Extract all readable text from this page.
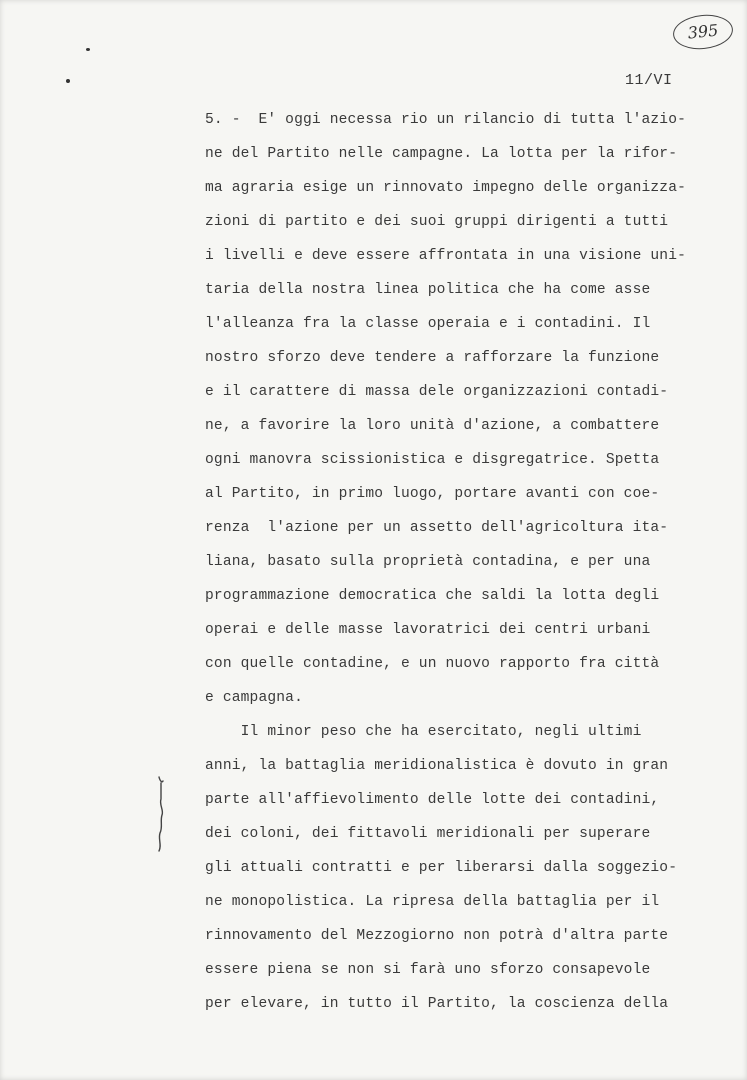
395
11/VI
5. -  E' oggi necessa rio un rilancio di tutta l'azio-
ne del Partito nelle campagne. La lotta per la rifor-
ma agraria esige un rinnovato impegno delle organizza-
zioni di partito e dei suoi gruppi dirigenti a tutti
i livelli e deve essere affrontata in una visione uni-
taria della nostra linea politica che ha come asse
l'alleanza fra la classe operaia e i contadini. Il
nostro sforzo deve tendere a rafforzare la funzione
e il carattere di massa dele organizzazioni contadi-
ne, a favorire la loro unità d'azione, a combattere
ogni manovra scissionistica e disgregatrice. Spetta
al Partito, in primo luogo, portare avanti con coe-
renza  l'azione per un assetto dell'agricoltura ita-
liana, basato sulla proprietà contadina, e per una
programmazione democratica che saldi la lotta degli
operai e delle masse lavoratrici dei centri urbani
con quelle contadine, e un nuovo rapporto fra città
e campagna.
Il minor peso che ha esercitato, negli ultimi
anni, la battaglia meridionalistica è dovuto in gran
parte all'affievolimento delle lotte dei contadini,
dei coloni, dei fittavoli meridionali per superare
gli attuali contratti e per liberarsi dalla soggezio-
ne monopolistica. La ripresa della battaglia per il
rinnovamento del Mezzogiorno non potrà d'altra parte
essere piena se non si farà uno sforzo consapevole
per elevare, in tutto il Partito, la coscienza della
